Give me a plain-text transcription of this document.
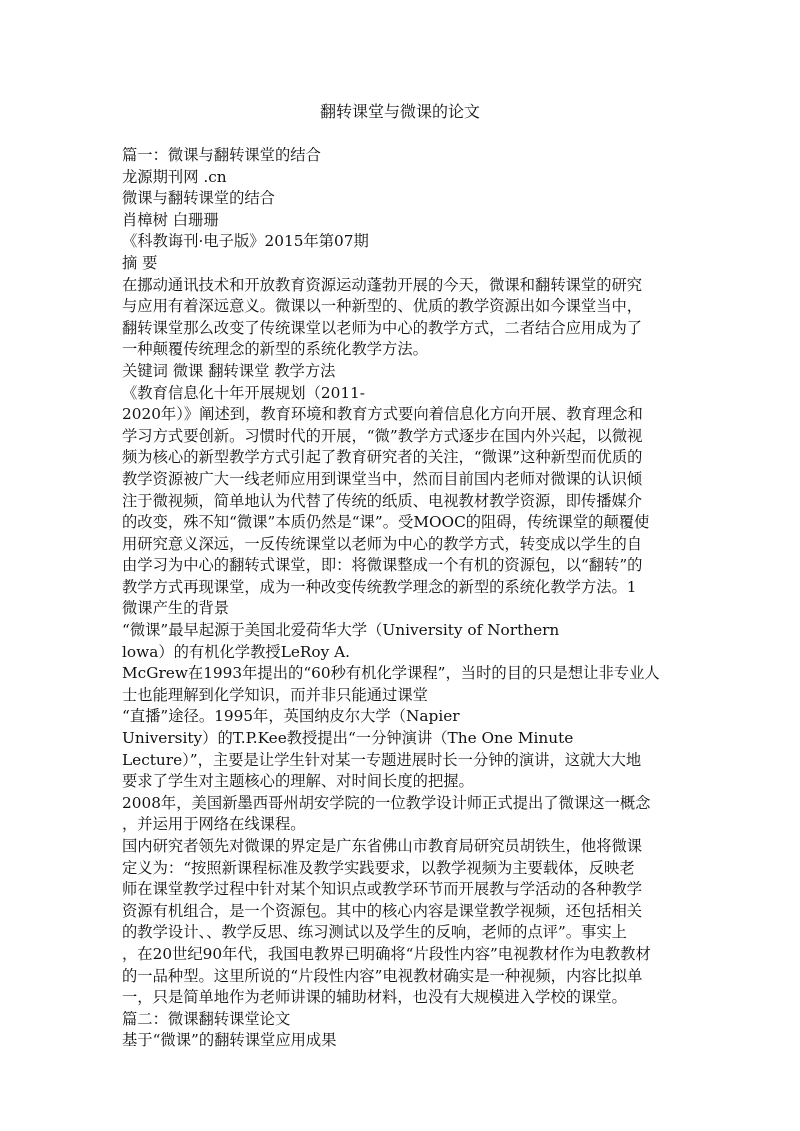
翻转课堂与微课的论文
篇一：微课与翻转课堂的结合
龙源期刊网 .cn
微课与翻转课堂的结合
肖樟树 白珊珊
《科教诲刊·电子版》2015年第07期
摘 要
在挪动通讯技术和开放教育资源运动蓬勃开展的今天，微课和翻转课堂的研究
与应用有着深远意义。微课以一种新型的、优质的教学资源出如今课堂当中，
翻转课堂那么改变了传统课堂以老师为中心的教学方式，二者结合应用成为了
一种颠覆传统理念的新型的系统化教学方法。
关键词 微课 翻转课堂 教学方法
《教育信息化十年开展规划（2011-
2020年）》阐述到，教育环境和教育方式要向着信息化方向开展、教育理念和
学习方式要创新。习惯时代的开展，“微”教学方式逐步在国内外兴起，以微视
频为核心的新型教学方式引起了教育研究者的关注，“微课”这种新型而优质的
教学资源被广大一线老师应用到课堂当中，然而目前国内老师对微课的认识倾
注于微视频，简单地认为代替了传统的纸质、电视教材教学资源，即传播媒介
的改变，殊不知“微课”本质仍然是“课”。受MOOC的阻碍，传统课堂的颠覆使
用研究意义深远，一反传统课堂以老师为中心的教学方式，转变成以学生的自
由学习为中心的翻转式课堂，即：将微课整成一个有机的资源包，以“翻转”的
教学方式再现课堂，成为一种改变传统教学理念的新型的系统化教学方法。1
微课产生的背景
“微课”最早起源于美国北爱荷华大学（University of Northern
lowa）的有机化学教授LeRoy A.
McGrew在1993年提出的“60秒有机化学课程”，当时的目的只是想让非专业人
士也能理解到化学知识，而并非只能通过课堂
“直播”途径。1995年，英国纳皮尔大学（Napier
University）的T.P.Kee教授提出“一分钟演讲（The One Minute
Lecture）”，主要是让学生针对某一专题进展时长一分钟的演讲，这就大大地
要求了学生对主题核心的理解、对时间长度的把握。
2008年，美国新墨西哥州胡安学院的一位教学设计师正式提出了微课这一概念
，并运用于网络在线课程。
国内研究者领先对微课的界定是广东省佛山市教育局研究员胡铁生，他将微课
定义为：“按照新课程标准及教学实践要求，以教学视频为主要载体，反映老
师在课堂教学过程中针对某个知识点或教学环节而开展教与学活动的各种教学
资源有机组合，是一个资源包。其中的核心内容是课堂教学视频，还包括相关
的教学设计、、教学反思、练习测试以及学生的反响，老师的点评”。事实上
，在20世纪90年代，我国电教界已明确将“片段性内容”电视教材作为电教教材
的一品种型。这里所说的“片段性内容”电视教材确实是一种视频，内容比拟单
一，只是简单地作为老师讲课的辅助材料，也没有大规模进入学校的课堂。
篇二：微课翻转课堂论文
基于“微课”的翻转课堂应用成果
